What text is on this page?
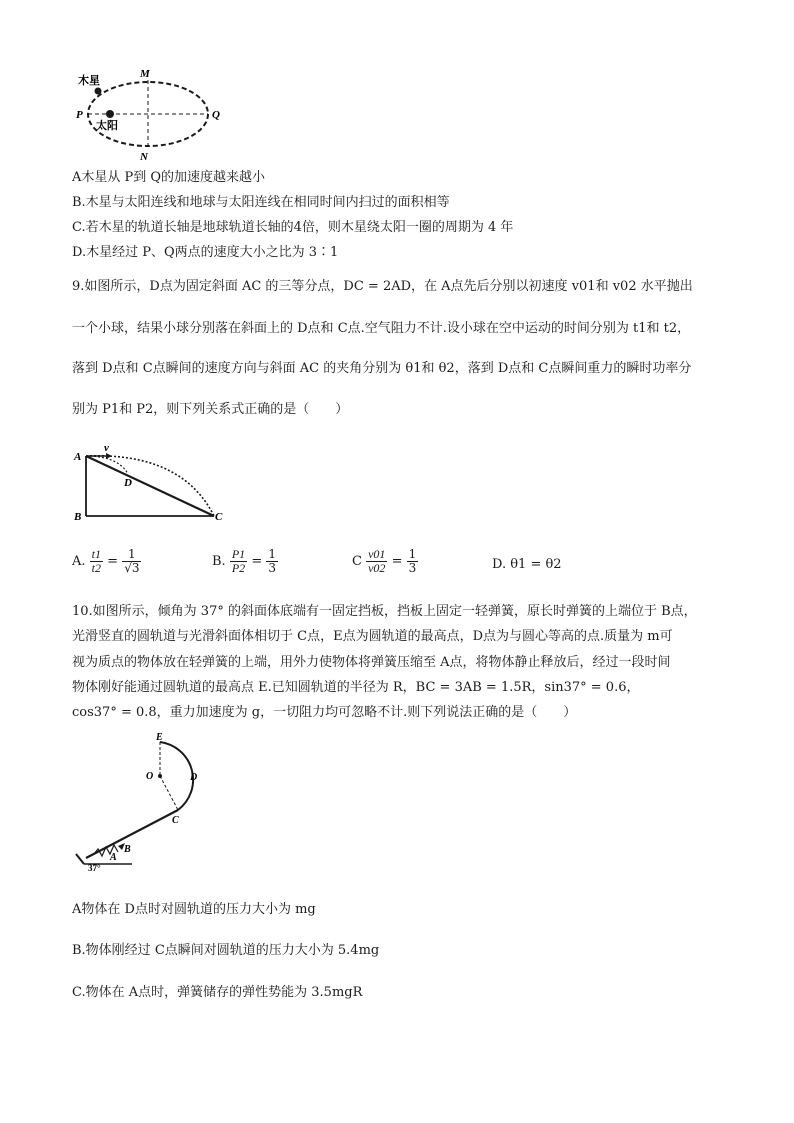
木星
太阳
P	Q
M
N
A木星从 P到 Q的加速度越来越小
B.木星与太阳连线和地球与太阳连线在相同时间内扫过的面积相等
C.若木星的轨道长轴是地球轨道长轴的4倍，则木星绕太阳一圈的周期为 4 年
D.木星经过 P、Q两点的速度大小之比为 3∶1
9.如图所示，D点为固定斜面 AC 的三等分点，DC = 2AD，在 A点先后分别以初速度 v01和 v02 水平抛出
一个小球，结果小球分别落在斜面上的 D点和 C点.空气阻力不计.设小球在空中运动的时间分别为 t1和 t2，
落到 D点和 C点瞬间的速度方向与斜面 AC 的夹角分别为 θ1和 θ2，落到 D点和 C点瞬间重力的瞬时功率分
别为 P1和 P2，则下列关系式正确的是（　　）
A
B	C
D
v
A. $\frac{t1}{t2} = \frac{1}{√3}$	B. $\frac{P1}{P2} = \frac{1}{3}$	C $\frac{v01}{v02} = \frac{1}{3}$	D. θ1 = θ2
10.如图所示，倾角为 37° 的斜面体底端有一固定挡板，挡板上固定一轻弹簧，原长时弹簧的上端位于 B点，
光滑竖直的圆轨道与光滑斜面体相切于 C点，E点为圆轨道的最高点，D点为与圆心等高的点.质量为 m可
视为质点的物体放在轻弹簧的上端，用外力使物体将弹簧压缩至 A点，将物体静止释放后，经过一段时间
物体刚好能通过圆轨道的最高点 E.已知圆轨道的半径为 R，BC = 3AB = 1.5R，sin37° = 0.6，
cos37° = 0.8，重力加速度为 g，一切阻力均可忽略不计.则下列说法正确的是（　　）
E
O	D
C
B
A
37°
A物体在 D点时对圆轨道的压力大小为 mg
B.物体刚经过 C点瞬间对圆轨道的压力大小为 5.4mg
C.物体在 A点时，弹簧储存的弹性势能为 3.5mgR
